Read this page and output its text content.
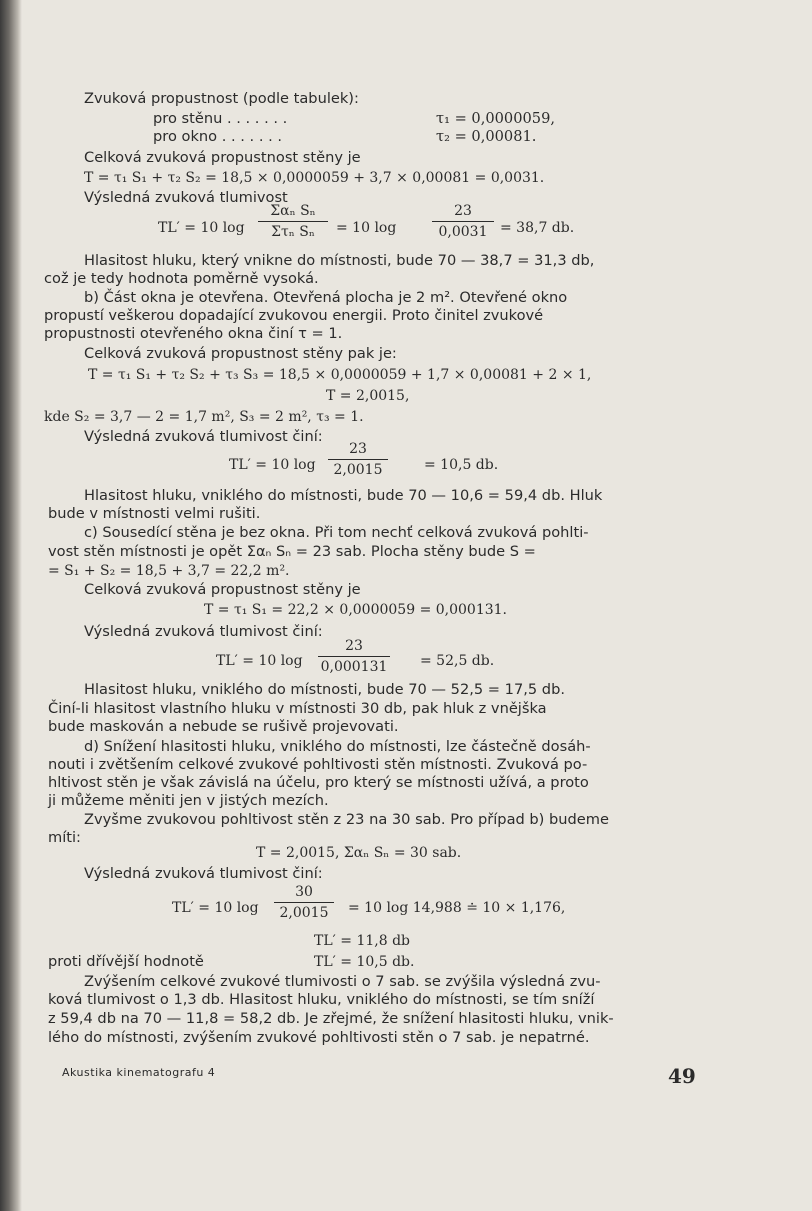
Zvuková propustnost (podle tabulek):
pro stěnu . . . . . . .	τ₁ = 0,0000059,
pro okno . . . . . . .	τ₂ = 0,00081.
Celková zvuková propustnost stěny je
T = τ₁ S₁ + τ₂ S₂ = 18,5 × 0,0000059 + 3,7 × 0,00081 = 0,0031.
Výsledná zvuková tlumivost
TL′ = 10 log
Σαₙ Sₙ
Στₙ Sₙ	= 10 log
23
0,0031 = 38,7 db.
Hlasitost hluku, který vnikne do místnosti, bude 70 — 38,7 = 31,3 db,
což je tedy hodnota poměrně vysoká.
b) Část okna je otevřena. Otevřená plocha je 2 m². Otevřené okno
propustí veškerou dopadající zvukovou energii. Proto činitel zvukové
propustnosti otevřeného okna činí τ = 1.
Celková zvuková propustnost stěny pak je:
T = τ₁ S₁ + τ₂ S₂ + τ₃ S₃ = 18,5 × 0,0000059 + 1,7 × 0,00081 + 2 × 1,
T = 2,0015,
kde S₂ = 3,7 — 2 = 1,7 m², S₃ = 2 m², τ₃ = 1.
Výsledná zvuková tlumivost činí:
TL′ = 10 log
23
2,0015	= 10,5 db.
Hlasitost hluku, vniklého do místnosti, bude 70 — 10,6 = 59,4 db. Hluk
bude v místnosti velmi rušiti.
c) Sousedící stěna je bez okna. Při tom nechť celková zvuková pohlti-
vost stěn místnosti je opět Σαₙ Sₙ = 23 sab. Plocha stěny bude S =
= S₁ + S₂ = 18,5 + 3,7 = 22,2 m².
Celková zvuková propustnost stěny je
T = τ₁ S₁ = 22,2 × 0,0000059 = 0,000131.
Výsledná zvuková tlumivost činí:
TL′ = 10 log
23
0,000131 = 52,5 db.
Hlasitost hluku, vniklého do místnosti, bude 70 — 52,5 = 17,5 db.
Činí-li hlasitost vlastního hluku v místnosti 30 db, pak hluk z vnějška
bude maskován a nebude se rušivě projevovati.
d) Snížení hlasitosti hluku, vniklého do místnosti, lze částečně dosáh-
nouti i zvětšením celkové zvukové pohltivosti stěn místnosti. Zvuková po-
hltivost stěn je však závislá na účelu, pro který se místnosti užívá, a proto
ji můžeme měniti jen v jistých mezích.
Zvyšme zvukovou pohltivost stěn z 23 na 30 sab. Pro případ b) budeme
míti:
T = 2,0015, Σαₙ Sₙ = 30 sab.
Výsledná zvuková tlumivost činí:
TL′ = 10 log
30
2,0015	= 10 log 14,988 ≐ 10 × 1,176,
TL′ = 11,8 db
proti dřívější hodnotě	TL′ = 10,5 db.
Zvýšením celkové zvukové tlumivosti o 7 sab. se zvýšila výsledná zvu-
ková tlumivost o 1,3 db. Hlasitost hluku, vniklého do místnosti, se tím sníží
z 59,4 db na 70 — 11,8 = 58,2 db. Je zřejmé, že snížení hlasitosti hluku, vnik-
lého do místnosti, zvýšením zvukové pohltivosti stěn o 7 sab. je nepatrné.
Akustika kinematografu 4	49
